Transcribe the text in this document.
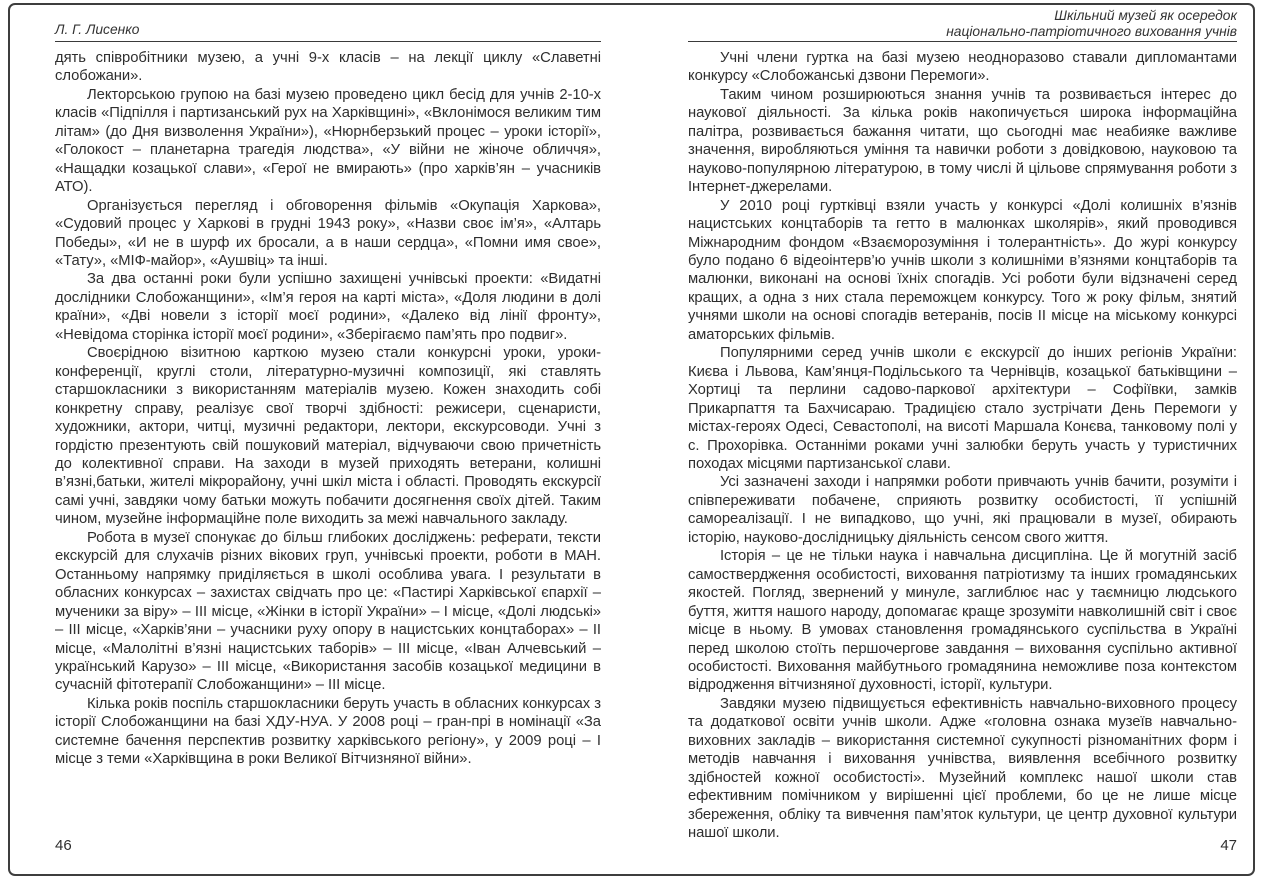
Л. Г. Лисенко

дять співробітники музею, а учні 9-х класів – на лекції циклу «Славетні слобожани».

Лекторською групою на базі музею проведено цикл бесід для учнів 2-10-х класів «Підпілля і партизанський рух на Харківщині», «Вклонімося великим тим літам» (до Дня визволення України»), «Нюрнберзький процес – уроки історії», «Голокост – планетарна трагедія людства», «У війни не жіноче обличчя», «Нащадки козацької слави», «Герої не вмирають» (про харків’ян – учасників АТО).

Організується перегляд і обговорення фільмів «Окупація Харкова», «Судовий процес у Харкові в грудні 1943 року», «Назви своє ім’я», «Алтарь Победы», «И не в шурф их бросали, а в наши сердца», «Помни имя свое», «Тату», «МІФ-майор», «Аушвіц» та інші.

За два останні роки були успішно захищені учнівські проекти: «Видатні дослідники Слобожанщини», «Ім’я героя на карті міста», «Доля людини в долі країни», «Дві новели з історії моєї родини», «Далеко від лінії фронту», «Невідома сторінка історії моєї родини», «Зберігаємо пам’ять про подвиг».

Своєрідною візитною карткою музею стали конкурсні уроки, уроки-конференції, круглі столи, літературно-музичні композиції, які ставлять старшокласники з використанням матеріалів музею. Кожен знаходить собі конкретну справу, реалізує свої творчі здібності: режисери, сценаристи, художники, актори, читці, музичні редактори, лектори, екскурсоводи. Учні з гордістю презентують свій пошуковий матеріал, відчуваючи свою причетність до колективної справи. На заходи в музей приходять ветерани, колишні в’язні,батьки, жителі мікрорайону, учні шкіл міста і області. Проводять екскурсії самі учні, завдяки чому батьки можуть побачити досягнення своїх дітей. Таким чином, музейне інформаційне поле виходить за межі навчального закладу.

Робота в музеї спонукає до більш глибоких досліджень: реферати, тексти екскурсій для слухачів різних вікових груп, учнівські проекти, роботи в МАН. Останньому напрямку приділяється в школі особлива увага. І результати в обласних конкурсах – захистах свідчать про це: «Пастирі Харківської єпархії – мученики за віру» – III місце, «Жінки в історії України» – I місце, «Долі людські» – III місце, «Харків’яни – учасники руху опору в нацистських концтаборах» – II місце, «Малолітні в’язні нацистських таборів» – III місце, «Іван Алчевський – український Карузо» – III місце, «Використання засобів козацької медицини в сучасній фітотерапії Слобожанщини» – III місце.

Кілька років поспіль старшокласники беруть участь в обласних конкурсах з історії Слобожанщини на базі ХДУ-НУА. У 2008 році – гран-прі в номінації «За системне бачення перспектив розвитку харківського регіону», у 2009 році – I місце з теми «Харківщина в роки Великої Вітчизняної війни».

46
Шкільний музей як осередок
національно-патріотичного виховання учнів

Учні члени гуртка на базі музею неодноразово ставали дипломантами конкурсу «Слобожанські дзвони Перемоги».

Таким чином розширюються знання учнів та розвивається інтерес до наукової діяльності. За кілька років накопичується широка інформаційна палітра, розвивається бажання читати, що сьогодні має неабияке важливе значення, виробляються уміння та навички роботи з довідковою, науковою та науково-популярною літературою, в тому числі й цільове спрямування роботи з Інтернет-джерелами.

У 2010 році гуртківці взяли участь у конкурсі «Долі колишніх в’язнів нацистських концтаборів та гетто в малюнках школярів», який проводився Міжнародним фондом «Взаєморозуміння і толерантність». До журі конкурсу було подано 6 відеоінтерв’ю учнів школи з колишніми в’язнями концтаборів та малюнки, виконані на основі їхніх спогадів. Усі роботи були відзначені серед кращих, а одна з них стала переможцем конкурсу. Того ж року фільм, знятий учнями школи на основі спогадів ветеранів, посів II місце на міському конкурсі аматорських фільмів.

Популярними серед учнів школи є екскурсії до інших регіонів України: Києва і Львова, Кам’янця-Подільського та Чернівців, козацької батьківщини – Хортиці та перлини садово-паркової архітектури – Софіївки, замків Прикарпаття та Бахчисараю. Традицією стало зустрічати День Перемоги у містах-героях Одесі, Севастополі, на висоті Маршала Конєва, танковому полі у с. Прохорівка. Останніми роками учні залюбки беруть участь у туристичних походах місцями партизанської слави.

Усі зазначені заходи і напрямки роботи привчають учнів бачити, розуміти і співпереживати побачене, сприяють розвитку особистості, її успішній самореалізації. І не випадково, що учні, які працювали в музеї, обирають історію, науково-дослідницьку діяльність сенсом свого життя.

Історія – це не тільки наука і навчальна дисципліна. Це й могутній засіб самоствердження особистості, виховання патріотизму та інших громадянських якостей. Погляд, звернений у минуле, заглиблює нас у таємницю людського буття, життя нашого народу, допомагає краще зрозуміти навколишній світ і своє місце в ньому. В умовах становлення громадянського суспільства в Україні перед школою стоїть першочергове завдання – виховання суспільно активної особистості. Виховання майбутнього громадянина неможливе поза контекстом відродження вітчизняної духовності, історії, культури.

Завдяки музею підвищується ефективність навчально-виховного процесу та додаткової освіти учнів школи. Адже «головна ознака музеїв навчально-виховних закладів – використання системної сукупності різноманітних форм і методів навчання і виховання учнівства, виявлення всебічного розвитку здібностей кожної особистості». Музейний комплекс нашої школи став ефективним помічником у вирішенні цієї проблеми, бо це не лише місце збереження, обліку та вивчення пам’яток культури, це центр духовної культури нашої школи.

47
